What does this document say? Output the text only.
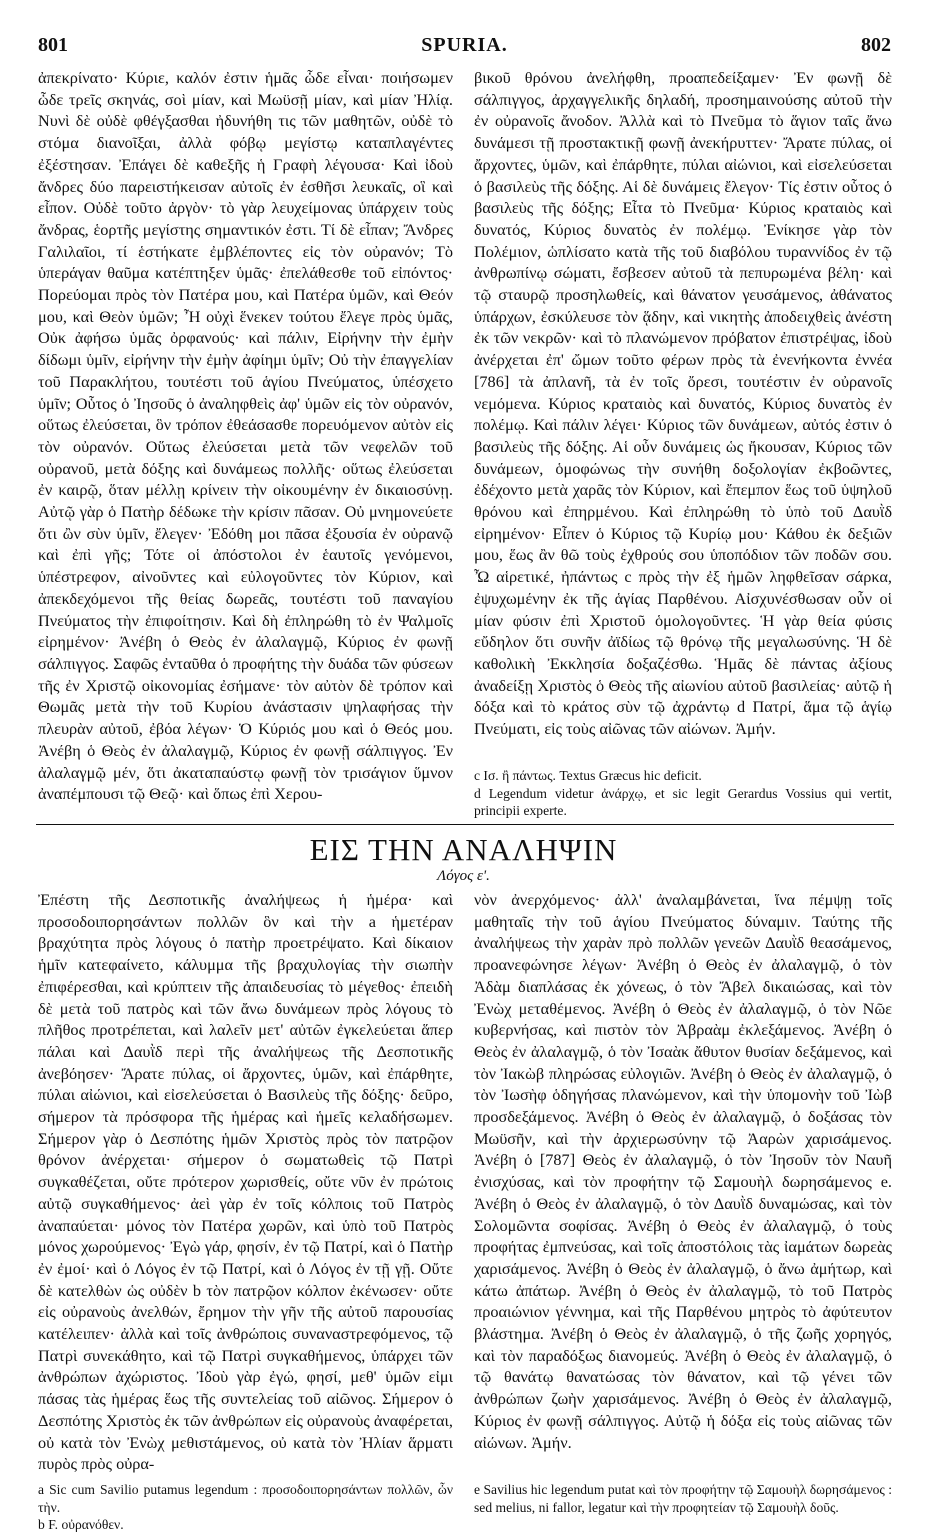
801	SPURIA.	802

ἀπεκρίνατο· Κύριε, καλόν ἐστιν ἡμᾶς ὧδε εἶναι· ποιήσωμεν ὧδε τρεῖς σκηνάς, σοὶ μίαν, καὶ Μωϋσῇ μίαν, καὶ μίαν Ἠλίᾳ. Νυνὶ δὲ οὐδὲ φθέγξασθαι ἠδυνήθη τις τῶν μαθητῶν, οὐδὲ τὸ στόμα διανοῖξαι, ἀλλὰ φόβῳ μεγίστῳ καταπλαγέντες ἐξέστησαν. Ἐπάγει δὲ καθεξῆς ἡ Γραφὴ λέγουσα· Καὶ ἰδοὺ ἄνδρες δύο παρειστήκεισαν αὐτοῖς ἐν ἐσθῆσι λευκαῖς, οἳ καὶ εἶπον. Οὐδὲ τοῦτο ἀργὸν· τὸ γὰρ λευχείμονας ὑπάρχειν τοὺς ἄνδρας, ἑορτῆς μεγίστης σημαντικόν ἐστι. Τί δὲ εἶπαν; Ἄνδρες Γαλιλαῖοι, τί ἑστήκατε ἐμβλέποντες εἰς τὸν οὐρανόν; Τὸ ὑπεράγαν θαῦμα κατέπτηξεν ὑμᾶς· ἐπελάθεσθε τοῦ εἰπόντος· Πορεύομαι πρὸς τὸν Πατέρα μου, καὶ Πατέρα ὑμῶν, καὶ Θεόν μου, καὶ Θεὸν ὑμῶν; Ἦ οὐχὶ ἕνεκεν τούτου ἔλεγε πρὸς ὑμᾶς, Οὐκ ἀφήσω ὑμᾶς ὀρφανούς· καὶ πάλιν, Εἰρήνην τὴν ἐμὴν δίδωμι ὑμῖν, εἰρήνην τὴν ἐμὴν ἀφίημι ὑμῖν; Οὐ τὴν ἐπαγγελίαν τοῦ Παρακλήτου, τουτέστι τοῦ ἁγίου Πνεύματος, ὑπέσχετο ὑμῖν; Οὗτος ὁ Ἰησοῦς ὁ ἀναληφθεὶς ἀφ' ὑμῶν εἰς τὸν οὐρανόν, οὕτως ἐλεύσεται, ὃν τρόπον ἐθεάσασθε πορευόμενον αὐτὸν εἰς τὸν οὐρανόν. Οὕτως ἐλεύσεται μετὰ τῶν νεφελῶν τοῦ οὐρανοῦ, μετὰ δόξης καὶ δυνάμεως πολλῆς· οὕτως ἐλεύσεται ἐν καιρῷ, ὅταν μέλλῃ κρίνειν τὴν οἰκουμένην ἐν δικαιοσύνῃ. Αὐτῷ γὰρ ὁ Πατὴρ δέδωκε τὴν κρίσιν πᾶσαν. Οὐ μνημονεύετε ὅτι ὢν σὺν ὑμῖν, ἔλεγεν· Ἐδόθη μοι πᾶσα ἐξουσία ἐν οὐρανῷ καὶ ἐπὶ γῆς; Τότε οἱ ἀπόστολοι ἐν ἑαυτοῖς γενόμενοι, ὑπέστρεφον, αἰνοῦντες καὶ εὐλογοῦντες τὸν Κύριον, καὶ ἀπεκδεχόμενοι τῆς θείας δωρεᾶς, τουτέστι τοῦ παναγίου Πνεύματος τὴν ἐπιφοίτησιν. Καὶ δὴ ἐπληρώθη τὸ ἐν Ψαλμοῖς εἰρημένον· Ἀνέβη ὁ Θεὸς ἐν ἀλαλαγμῷ, Κύριος ἐν φωνῇ σάλπιγγος. Σαφῶς ἐνταῦθα ὁ προφήτης τὴν δυάδα τῶν φύσεων τῆς ἐν Χριστῷ οἰκονομίας ἐσήμανε· τὸν αὐτὸν δὲ τρόπον καὶ Θωμᾶς μετὰ τὴν τοῦ Κυρίου ἀνάστασιν ψηλαφήσας τὴν πλευρὰν αὐτοῦ, ἐβόα λέγων· Ὁ Κύριός μου καὶ ὁ Θεός μου. Ἀνέβη ὁ Θεὸς ἐν ἀλαλαγμῷ, Κύριος ἐν φωνῇ σάλπιγγος. Ἐν ἀλαλαγμῷ μέν, ὅτι ἀκαταπαύστῳ φωνῇ τὸν τρισάγιον ὕμνον ἀναπέμπουσι τῷ Θεῷ· καὶ ὅπως ἐπὶ Χερου-

βικοῦ θρόνου ἀνελήφθη, προαπεδείξαμεν· Ἐν φωνῇ δὲ σάλπιγγος, ἀρχαγγελικῆς δηλαδή, προσημαινούσης αὐτοῦ τὴν ἐν οὐρανοῖς ἄνοδον. Ἀλλὰ καὶ τὸ Πνεῦμα τὸ ἅγιον ταῖς ἄνω δυνάμεσι τῇ προστακτικῇ φωνῇ ἀνεκήρυττεν· Ἄρατε πύλας, οἱ ἄρχοντες, ὑμῶν, καὶ ἐπάρθητε, πύλαι αἰώνιοι, καὶ εἰσελεύσεται ὁ βασιλεὺς τῆς δόξης. Αἱ δὲ δυνάμεις ἔλεγον· Τίς ἐστιν οὗτος ὁ βασιλεὺς τῆς δόξης; Εἶτα τὸ Πνεῦμα· Κύριος κραταιὸς καὶ δυνατός, Κύριος δυνατὸς ἐν πολέμῳ. Ἐνίκησε γὰρ τὸν Πολέμιον, ὡπλίσατο κατὰ τῆς τοῦ διαβόλου τυραννίδος ἐν τῷ ἀνθρωπίνῳ σώματι, ἔσβεσεν αὐτοῦ τὰ πεπυρωμένα βέλη· καὶ τῷ σταυρῷ προσηλωθείς, καὶ θάνατον γευσάμενος, ἀθάνατος ὑπάρχων, ἐσκύλευσε τὸν ᾅδην, καὶ νικητὴς ἀποδειχθεὶς ἀνέστη ἐκ τῶν νεκρῶν· καὶ τὸ πλανώμενον πρόβατον ἐπιστρέψας, ἰδοὺ ἀνέρχεται ἐπ' ὤμων τοῦτο φέρων πρὸς τὰ ἐνενήκοντα ἐννέα [786] τὰ ἀπλανῆ, τὰ ἐν τοῖς ὄρεσι, τουτέστιν ἐν οὐρανοῖς νεμόμενα. Κύριος κραταιὸς καὶ δυνατός, Κύριος δυνατὸς ἐν πολέμῳ. Καὶ πάλιν λέγει· Κύριος τῶν δυνάμεων, αὐτός ἐστιν ὁ βασιλεὺς τῆς δόξης. Αἱ οὖν δυνάμεις ὡς ἤκουσαν, Κύριος τῶν δυνάμεων, ὁμοφώνως τὴν συνήθη δοξολογίαν ἐκβοῶντες, ἐδέχοντο μετὰ χαρᾶς τὸν Κύριον, καὶ ἔπεμπον ἕως τοῦ ὑψηλοῦ θρόνου καὶ ἐπηρμένου. Καὶ ἐπληρώθη τὸ ὑπὸ τοῦ Δαυῒδ εἰρημένον· Εἶπεν ὁ Κύριος τῷ Κυρίῳ μου· Κάθου ἐκ δεξιῶν μου, ἕως ἂν θῶ τοὺς ἐχθρούς σου ὑποπόδιον τῶν ποδῶν σου. Ὦ αἱρετικέ, ἠπάντως c πρὸς τὴν ἐξ ἡμῶν ληφθεῖσαν σάρκα, ἐψυχωμένην ἐκ τῆς ἁγίας Παρθένου. Αἰσχυνέσθωσαν οὖν οἱ μίαν φύσιν ἐπὶ Χριστοῦ ὁμολογοῦντες. Ἡ γὰρ θεία φύσις εὔδηλον ὅτι συνῆν ἀϊδίως τῷ θρόνῳ τῆς μεγαλωσύνης. Ἡ δὲ καθολικὴ Ἐκκλησία δοξαζέσθω. Ἡμᾶς δὲ πάντας ἀξίους ἀναδείξῃ Χριστὸς ὁ Θεὸς τῆς αἰωνίου αὐτοῦ βασιλείας· αὐτῷ ἡ δόξα καὶ τὸ κράτος σὺν τῷ ἀχράντῳ d Πατρί, ἅμα τῷ ἁγίῳ Πνεύματι, εἰς τοὺς αἰῶνας τῶν αἰώνων. Ἀμήν.

c Ισ. ἢ πάντως. Textus Græcus hic deficit.

d Legendum videtur ἀνάρχῳ, et sic legit Gerardus Vossius qui vertit, principii experte.

ΕΙΣ ΤΗΝ ΑΝΑΛΗΨΙΝ
Λόγος ε'.

Ἐπέστη τῆς Δεσποτικῆς ἀναλήψεως ἡ ἡμέρα· καὶ προσοδοιπορησάντων πολλῶν ὃν καὶ τὴν a ἡμετέραν βραχύτητα πρὸς λόγους ὁ πατὴρ προετρέψατο. Καὶ δίκαιον ἡμῖν κατεφαίνετο, κάλυμμα τῆς βραχυλογίας τὴν σιωπὴν ἐπιφέρεσθαι, καὶ κρύπτειν τῆς ἀπαιδευσίας τὸ μέγεθος· ἐπειδὴ δὲ μετὰ τοῦ πατρὸς καὶ τῶν ἄνω δυνάμεων πρὸς λόγους τὸ πλῆθος προτρέπεται, καὶ λαλεῖν μετ' αὐτῶν ἐγκελεύεται ἅπερ πάλαι καὶ Δαυῒδ περὶ τῆς ἀναλήψεως τῆς Δεσποτικῆς ἀνεβόησεν· Ἄρατε πύλας, οἱ ἄρχοντες, ὑμῶν, καὶ ἐπάρθητε, πύλαι αἰώνιοι, καὶ εἰσελεύσεται ὁ Βασιλεὺς τῆς δόξης· δεῦρο, σήμερον τὰ πρόσφορα τῆς ἡμέρας καὶ ἡμεῖς κελαδήσωμεν. Σήμερον γὰρ ὁ Δεσπότης ἡμῶν Χριστὸς πρὸς τὸν πατρῷον θρόνον ἀνέρχεται· σήμερον ὁ σωματωθεὶς τῷ Πατρὶ συγκαθέζεται, οὔτε πρότερον χωρισθείς, οὔτε νῦν ἐν πρώτοις αὐτῷ συγκαθήμενος· ἀεὶ γὰρ ἐν τοῖς κόλποις τοῦ Πατρὸς ἀναπαύεται· μόνος τὸν Πατέρα χωρῶν, καὶ ὑπὸ τοῦ Πατρὸς μόνος χωρούμενος· Ἐγὼ γάρ, φησίν, ἐν τῷ Πατρί, καὶ ὁ Πατὴρ ἐν ἐμοί· καὶ ὁ Λόγος ἐν τῷ Πατρί, καὶ ὁ Λόγος ἐν τῇ γῇ. Οὔτε δὲ κατελθὼν ὡς οὐδὲν b τὸν πατρῷον κόλπον ἐκένωσεν· οὔτε εἰς οὐρανοὺς ἀνελθών, ἔρημον τὴν γῆν τῆς αὐτοῦ παρουσίας κατέλειπεν· ἀλλὰ καὶ τοῖς ἀνθρώποις συναναστρεφόμενος, τῷ Πατρὶ συνεκάθητο, καὶ τῷ Πατρὶ συγκαθήμενος, ὑπάρχει τῶν ἀνθρώπων ἀχώριστος. Ἰδοὺ γὰρ ἐγώ, φησί, μεθ' ὑμῶν εἰμι πάσας τὰς ἡμέρας ἕως τῆς συντελείας τοῦ αἰῶνος. Σήμερον ὁ Δεσπότης Χριστὸς ἐκ τῶν ἀνθρώπων εἰς οὐρανοὺς ἀναφέρεται, οὐ κατὰ τὸν Ἐνὼχ μεθιστάμενος, οὐ κατὰ τὸν Ἠλίαν ἅρματι πυρὸς πρὸς οὐρα-

a Sic cum Savilio putamus legendum : προσοδοιπορησάντων πολλῶν, ὧν τὴν.

b F. οὐρανόθεν.

νὸν ἀνερχόμενος· ἀλλ' ἀναλαμβάνεται, ἵνα πέμψῃ τοῖς μαθηταῖς τὴν τοῦ ἁγίου Πνεύματος δύναμιν. Ταύτης τῆς ἀναλήψεως τὴν χαρὰν πρὸ πολλῶν γενεῶν Δαυῒδ θεασάμενος, προανεφώνησε λέγων· Ἀνέβη ὁ Θεὸς ἐν ἀλαλαγμῷ, ὁ τὸν Ἀδὰμ διαπλάσας ἐκ χόνεως, ὁ τὸν Ἄβελ δικαιώσας, καὶ τὸν Ἐνὼχ μεταθέμενος. Ἀνέβη ὁ Θεὸς ἐν ἀλαλαγμῷ, ὁ τὸν Νῶε κυβερνήσας, καὶ πιστὸν τὸν Ἀβραὰμ ἐκλεξάμενος. Ἀνέβη ὁ Θεὸς ἐν ἀλαλαγμῷ, ὁ τὸν Ἰσαὰκ ἄθυτον θυσίαν δεξάμενος, καὶ τὸν Ἰακὼβ πληρώσας εὐλογιῶν. Ἀνέβη ὁ Θεὸς ἐν ἀλαλαγμῷ, ὁ τὸν Ἰωσὴφ ὁδηγήσας πλανώμενον, καὶ τὴν ὑπομονὴν τοῦ Ἰὼβ προσδεξάμενος. Ἀνέβη ὁ Θεὸς ἐν ἀλαλαγμῷ, ὁ δοξάσας τὸν Μωϋσῆν, καὶ τὴν ἀρχιερωσύνην τῷ Ἀαρὼν χαρισάμενος. Ἀνέβη ὁ [787] Θεὸς ἐν ἀλαλαγμῷ, ὁ τὸν Ἰησοῦν τὸν Ναυῆ ἐνισχύσας, καὶ τὸν προφήτην τῷ Σαμουὴλ δωρησάμενος e. Ἀνέβη ὁ Θεὸς ἐν ἀλαλαγμῷ, ὁ τὸν Δαυῒδ δυναμώσας, καὶ τὸν Σολομῶντα σοφίσας. Ἀνέβη ὁ Θεὸς ἐν ἀλαλαγμῷ, ὁ τοὺς προφήτας ἐμπνεύσας, καὶ τοῖς ἀποστόλοις τὰς ἰαμάτων δωρεὰς χαρισάμενος. Ἀνέβη ὁ Θεὸς ἐν ἀλαλαγμῷ, ὁ ἄνω ἀμήτωρ, καὶ κάτω ἀπάτωρ. Ἀνέβη ὁ Θεὸς ἐν ἀλαλαγμῷ, τὸ τοῦ Πατρὸς προαιώνιον γέννημα, καὶ τῆς Παρθένου μητρὸς τὸ ἀφύτευτον βλάστημα. Ἀνέβη ὁ Θεὸς ἐν ἀλαλαγμῷ, ὁ τῆς ζωῆς χορηγός, καὶ τὸν παραδόξως διανομεύς. Ἀνέβη ὁ Θεὸς ἐν ἀλαλαγμῷ, ὁ τῷ θανάτῳ θανατώσας τὸν θάνατον, καὶ τῷ γένει τῶν ἀνθρώπων ζωὴν χαρισάμενος. Ἀνέβη ὁ Θεὸς ἐν ἀλαλαγμῷ, Κύριος ἐν φωνῇ σάλπιγγος. Αὐτῷ ἡ δόξα εἰς τοὺς αἰῶνας τῶν αἰώνων. Ἀμήν.

e Savilius hic legendum putat καὶ τὸν προφήτην τῷ Σαμουὴλ δωρησάμενος : sed melius, ni fallor, legatur καὶ τὴν προφητείαν τῷ Σαμουὴλ δοῦς.
